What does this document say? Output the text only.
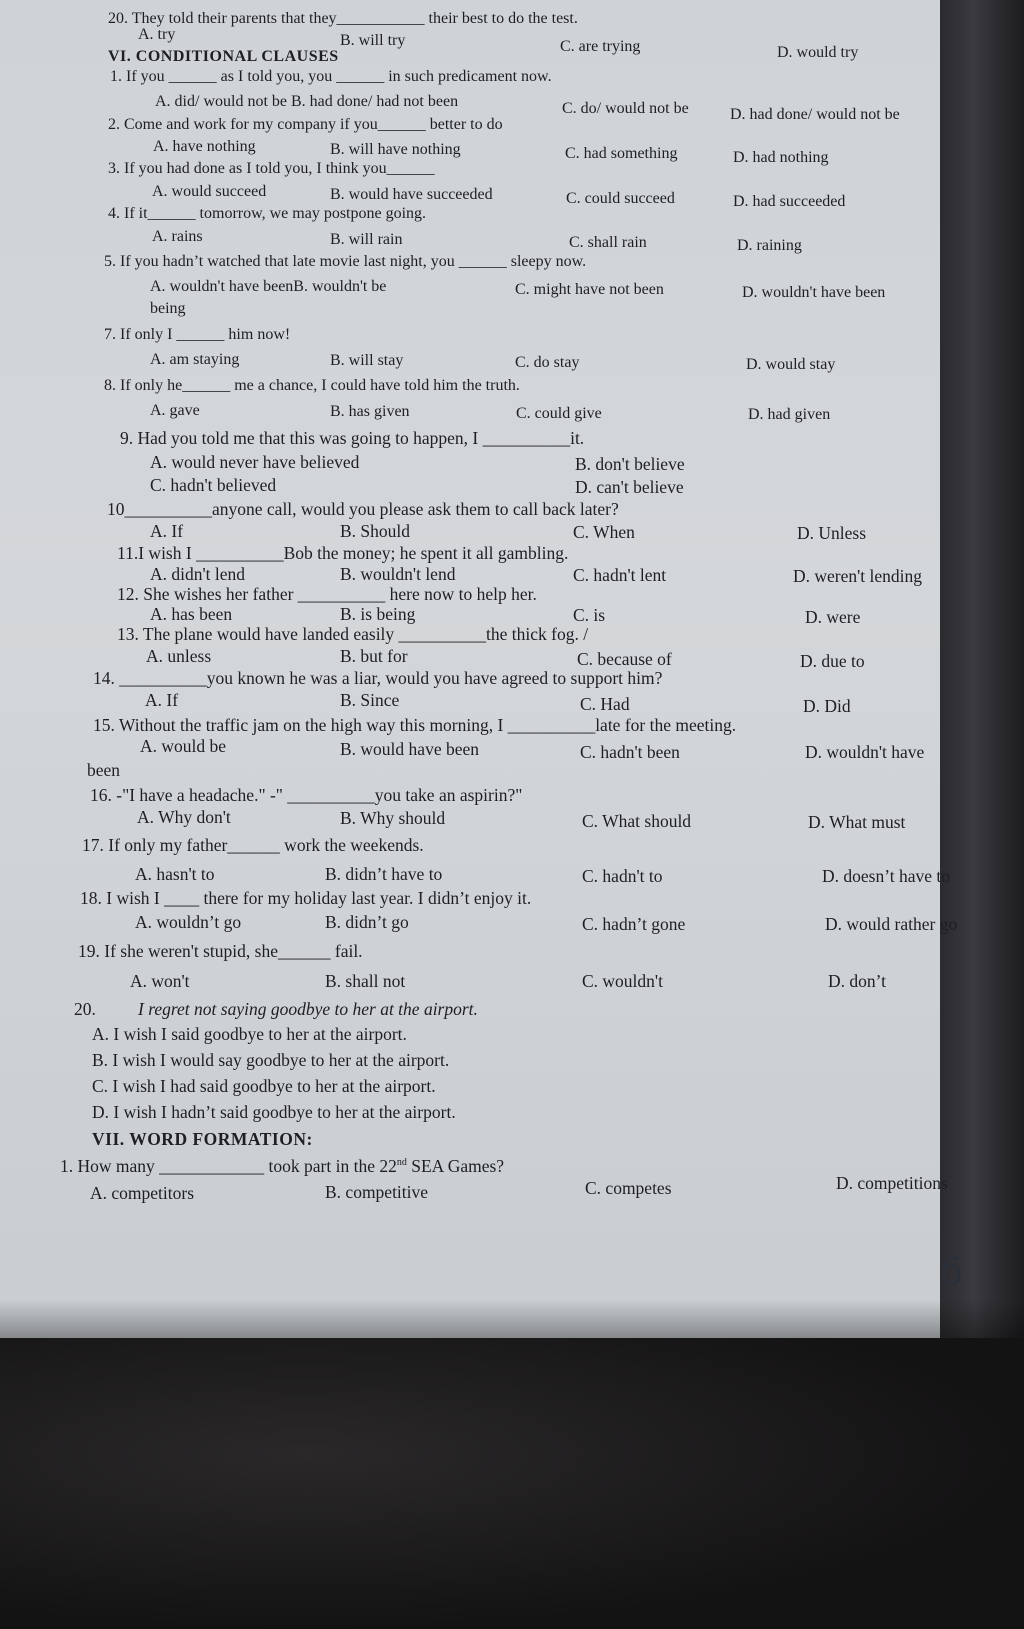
20. They told their parents that they___________ their best to do the test.
A. try	B. will try	C. are trying	D. would try
VI. CONDITIONAL CLAUSES
1. If you ______ as I told you, you ______ in such predicament now.
A. did/ would not be B. had done/ had not been	C. do/ would not be	D. had done/ would not be
2. Come and work for my company if you______ better to do
A. have nothing	B. will have nothing	C. had something	D. had nothing
3. If you had done as I told you, I think you______
A. would succeed	B. would have succeeded	C. could succeed	D. had succeeded
4. If it______ tomorrow, we may postpone going.
A. rains	B. will rain	C. shall rain	D. raining
5. If you hadn’t watched that late movie last night, you ______ sleepy now.
A. wouldn't have beenB. wouldn't be	C. might have not been	D. wouldn't have been
being
7. If only I ______ him now!
A. am staying	B. will stay	C. do stay	D. would stay
8. If only he______ me a chance, I could have told him the truth.
A. gave	B. has given	C. could give	D. had given
9. Had you told me that this was going to happen, I __________it.
A. would never have believed	B. don't believe
C. hadn't believed	D. can't believe
10__________anyone call, would you please ask them to call back later?
A. If	B. Should	C. When	D. Unless
11.I wish I __________Bob the money; he spent it all gambling.
A. didn't lend	B. wouldn't lend	C. hadn't lent	D. weren't lending
12. She wishes her father __________ here now to help her.
A. has been	B. is being	C. is	D. were
13. The plane would have landed easily __________the thick fog. /
A. unless	B. but for	C. because of	D. due to
14. __________you known he was a liar, would you have agreed to support him?
A. If	B. Since	C. Had	D. Did
15. Without the traffic jam on the high way this morning, I __________late for the meeting.
A. would be	B. would have been	C. hadn't been	D. wouldn't have
been
16. -"I have a headache." -" __________you take an aspirin?"
A. Why don't	B. Why should	C. What should	D. What must
17. If only my father______ work the weekends.
A. hasn't to	B. didn’t have to	C. hadn't to	D. doesn’t have to
18. I wish I ____ there for my holiday last year. I didn’t enjoy it.
A. wouldn’t go	B. didn’t go	C. hadn’t gone	D. would rather go
19. If she weren't stupid, she______ fail.
A. won't	B. shall not	C. wouldn't	D. don’t
20. I regret not saying goodbye to her at the airport.
A. I wish I said goodbye to her at the airport.
B. I wish I would say goodbye to her at the airport.
C. I wish I had said goodbye to her at the airport.
D. I wish I hadn’t said goodbye to her at the airport.
VII. WORD FORMATION:
1. How many ____________ took part in the 22nd SEA Games?
A. competitors	B. competitive	C. competes	D. competitions
ϭ
